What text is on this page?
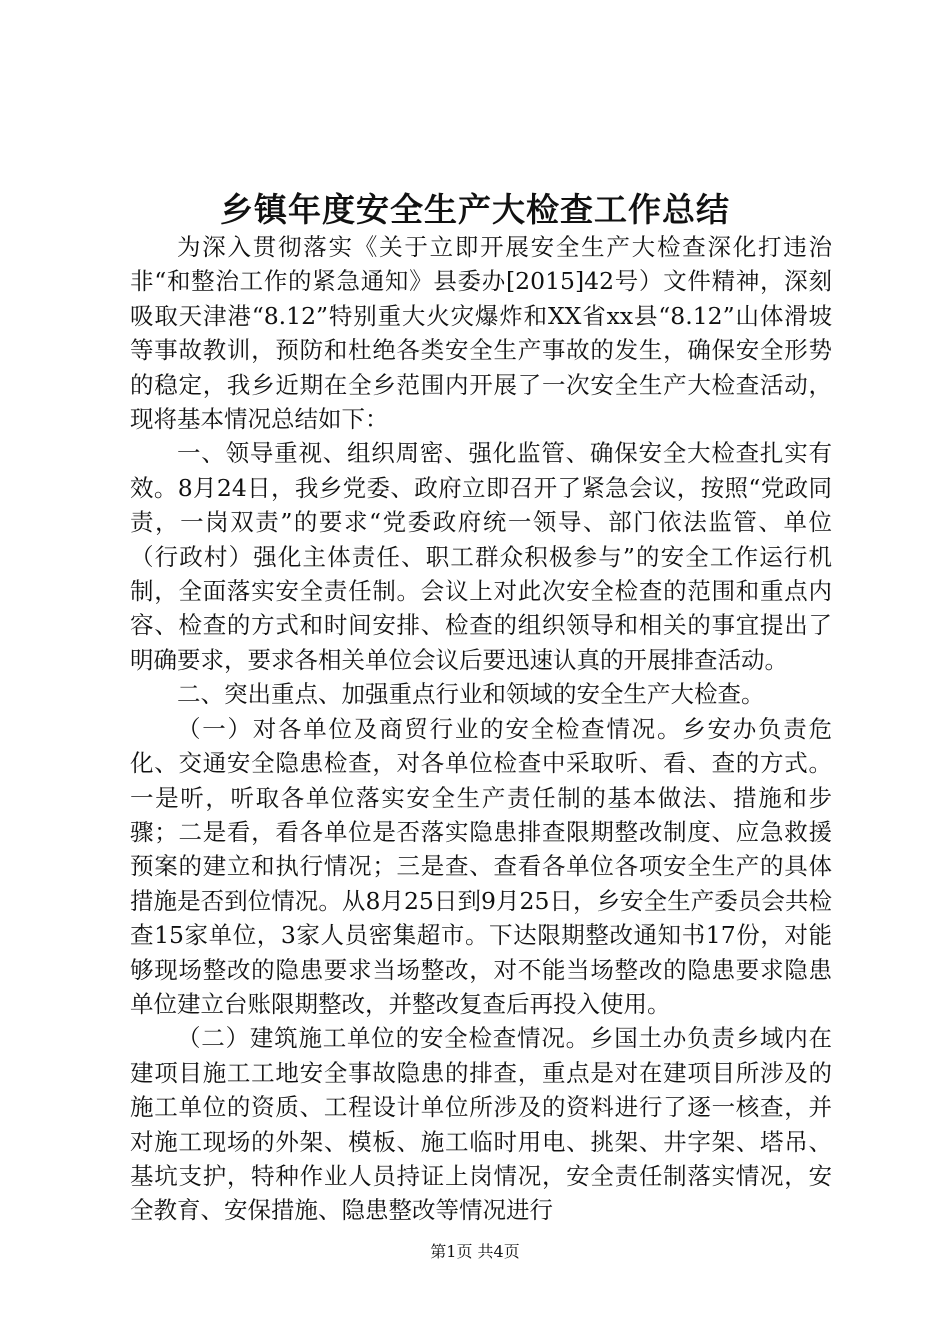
乡镇年度安全生产大检查工作总结

为深入贯彻落实《关于立即开展安全生产大检查深化打违治非“和整治工作的紧急通知》县委办[2015]42号）文件精神，深刻吸取天津港“8.12”特别重大火灾爆炸和XX省xx县“8.12”山体滑坡等事故教训，预防和杜绝各类安全生产事故的发生，确保安全形势的稳定，我乡近期在全乡范围内开展了一次安全生产大检查活动，现将基本情况总结如下：

一、领导重视、组织周密、强化监管、确保安全大检查扎实有效。8月24日，我乡党委、政府立即召开了紧急会议，按照“党政同责，一岗双责”的要求“党委政府统一领导、部门依法监管、单位（行政村）强化主体责任、职工群众积极参与”的安全工作运行机制，全面落实安全责任制。会议上对此次安全检查的范围和重点内容、检查的方式和时间安排、检查的组织领导和相关的事宜提出了明确要求，要求各相关单位会议后要迅速认真的开展排查活动。

二、突出重点、加强重点行业和领域的安全生产大检查。

（一）对各单位及商贸行业的安全检查情况。乡安办负责危化、交通安全隐患检查，对各单位检查中采取听、看、查的方式。一是听，听取各单位落实安全生产责任制的基本做法、措施和步骤；二是看，看各单位是否落实隐患排查限期整改制度、应急救援预案的建立和执行情况；三是查、查看各单位各项安全生产的具体措施是否到位情况。从8月25日到9月25日，乡安全生产委员会共检查15家单位，3家人员密集超市。下达限期整改通知书17份，对能够现场整改的隐患要求当场整改，对不能当场整改的隐患要求隐患单位建立台账限期整改，并整改复查后再投入使用。

（二）建筑施工单位的安全检查情况。乡国土办负责乡域内在建项目施工工地安全事故隐患的排查，重点是对在建项目所涉及的施工单位的资质、工程设计单位所涉及的资料进行了逐一核查，并对施工现场的外架、模板、施工临时用电、挑架、井字架、塔吊、基坑支护，特种作业人员持证上岗情况，安全责任制落实情况，安全教育、安保措施、隐患整改等情况进行

第1页 共4页
